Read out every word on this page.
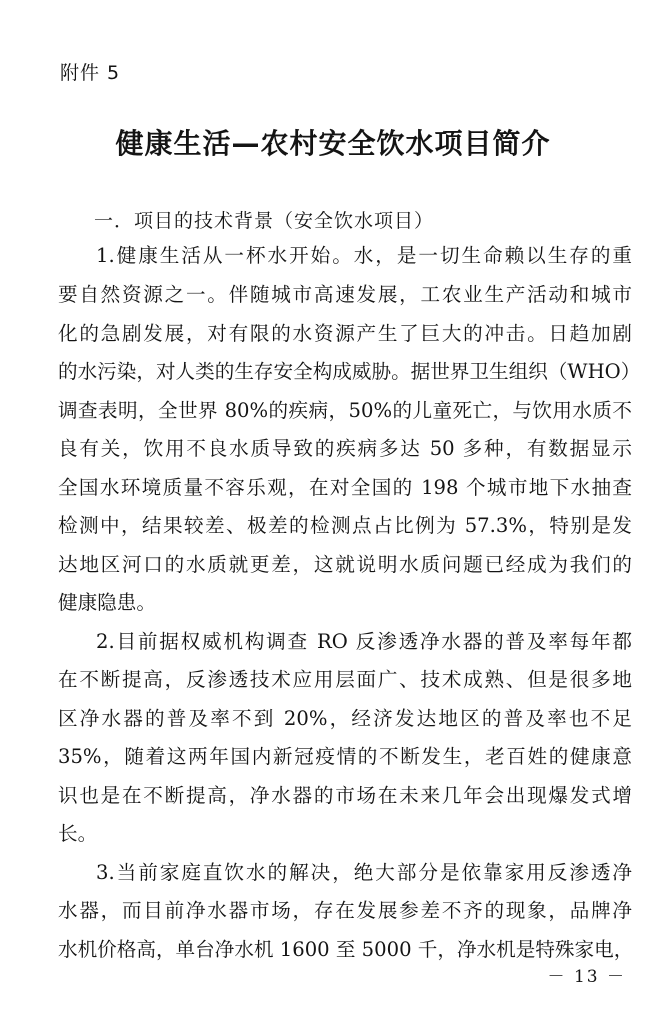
附件 5
健康生活—农村安全饮水项目简介
一．项目的技术背景（安全饮水项目）
1.健康生活从一杯水开始。水，是一切生命赖以生存的重
要自然资源之一。伴随城市高速发展，工农业生产活动和城市
化的急剧发展，对有限的水资源产生了巨大的冲击。日趋加剧
的水污染，对人类的生存安全构成威胁。据世界卫生组织（WHO）
调查表明，全世界 80%的疾病，50%的儿童死亡，与饮用水质不
良有关，饮用不良水质导致的疾病多达 50 多种，有数据显示
全国水环境质量不容乐观，在对全国的 198 个城市地下水抽查
检测中，结果较差、极差的检测点占比例为 57.3%，特别是发
达地区河口的水质就更差，这就说明水质问题已经成为我们的
健康隐患。
2.目前据权威机构调查 RO 反渗透净水器的普及率每年都
在不断提高，反渗透技术应用层面广、技术成熟、但是很多地
区净水器的普及率不到 20%，经济发达地区的普及率也不足
35%，随着这两年国内新冠疫情的不断发生，老百姓的健康意
识也是在不断提高，净水器的市场在未来几年会出现爆发式增
长。
3.当前家庭直饮水的解决，绝大部分是依靠家用反渗透净
水器，而目前净水器市场，存在发展参差不齐的现象，品牌净
水机价格高，单台净水机 1600 至 5000 千，净水机是特殊家电，
－ 13 －
